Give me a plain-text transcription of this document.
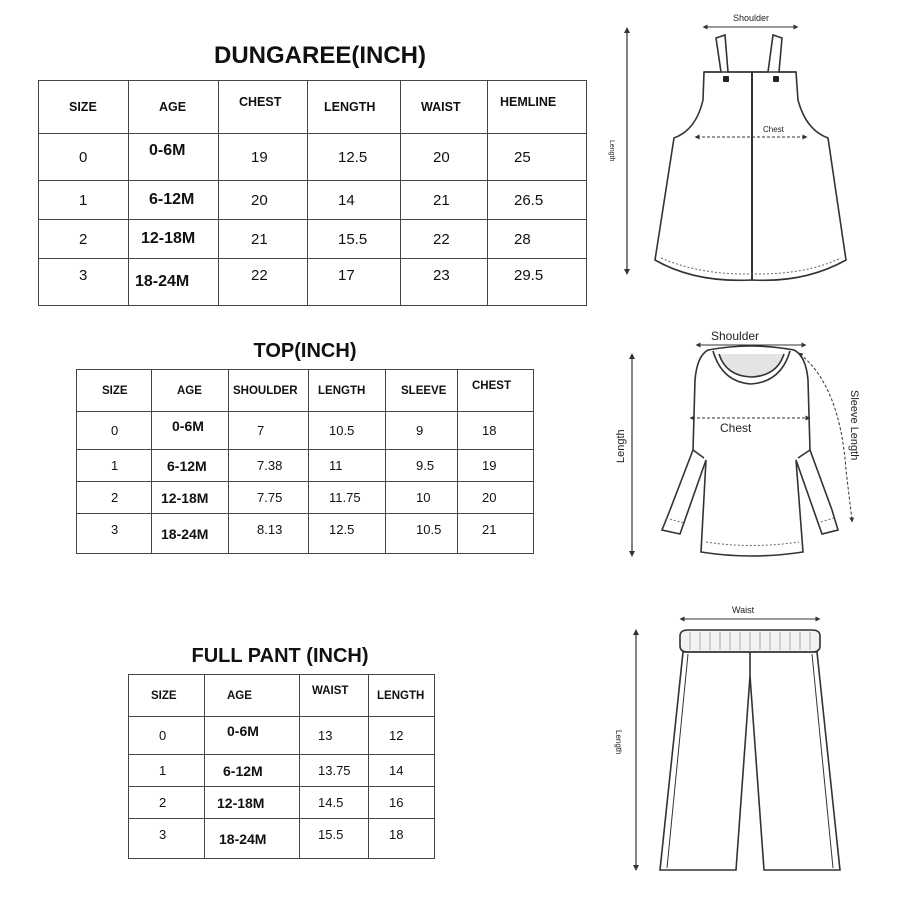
DUNGAREE(INCH)
SIZE	AGE	CHEST	LENGTH	WAIST	HEMLINE
0	0-6M	19	12.5	20	25
1	6-12M	20	14	21	26.5
2	12-18M	21	15.5	22	28
3	18-24M	22	17	23	29.5
Shoulder
Chest
Length
TOP(INCH)
SIZE	AGE	SHOULDER	LENGTH	SLEEVE	CHEST
0	0-6M	7	10.5	9	18
1	6-12M	7.38	11	9.5	19
2	12-18M	7.75	11.75	10	20
3	18-24M	8.13	12.5	10.5	21
Shoulder
Chest	Sleeve Length
Length
FULL PANT (INCH)
SIZE	AGE	WAIST	LENGTH
0	0-6M	13	12
1	6-12M	13.75	14
2	12-18M	14.5	16
3	18-24M	15.5	18
Waist
Length
